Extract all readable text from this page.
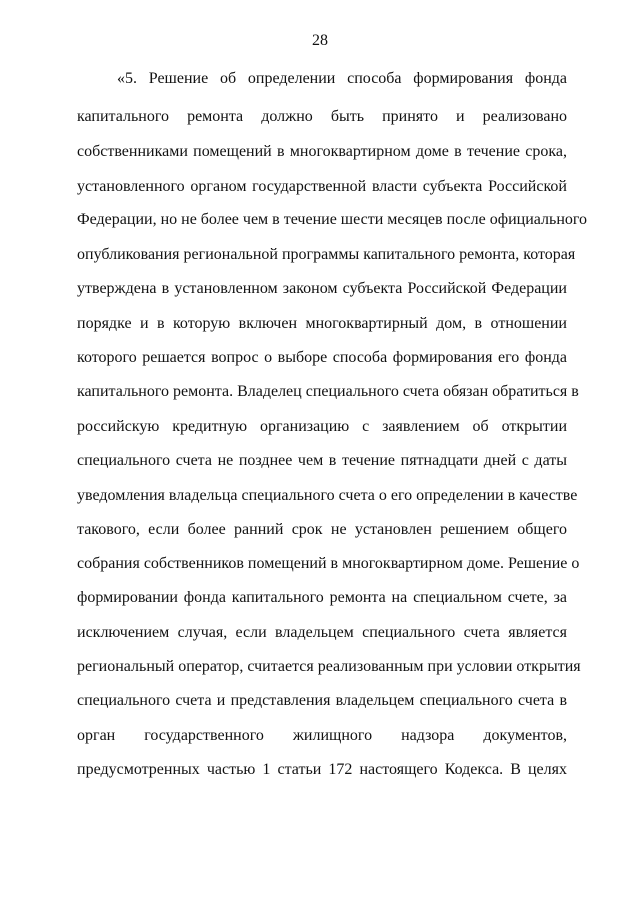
28
«5. Решение об определении способа формирования фонда
капитального ремонта должно быть принято и реализовано
собственниками помещений в многоквартирном доме в течение срока,
установленного органом государственной власти субъекта Российской
Федерации, но не более чем в течение шести месяцев после официального
опубликования региональной программы капитального ремонта, которая
утверждена в установленном законом субъекта Российской Федерации
порядке и в которую включен многоквартирный дом, в отношении
которого решается вопрос о выборе способа формирования его фонда
капитального ремонта. Владелец специального счета обязан обратиться в
российскую кредитную организацию с заявлением об открытии
специального счета не позднее чем в течение пятнадцати дней с даты
уведомления владельца специального счета о его определении в качестве
такового, если более ранний срок не установлен решением общего
собрания собственников помещений в многоквартирном доме. Решение о
формировании фонда капитального ремонта на специальном счете, за
исключением случая, если владельцем специального счета является
региональный оператор, считается реализованным при условии открытия
специального счета и представления владельцем специального счета в
орган государственного жилищного надзора документов,
предусмотренных частью 1 статьи 172 настоящего Кодекса. В целях
